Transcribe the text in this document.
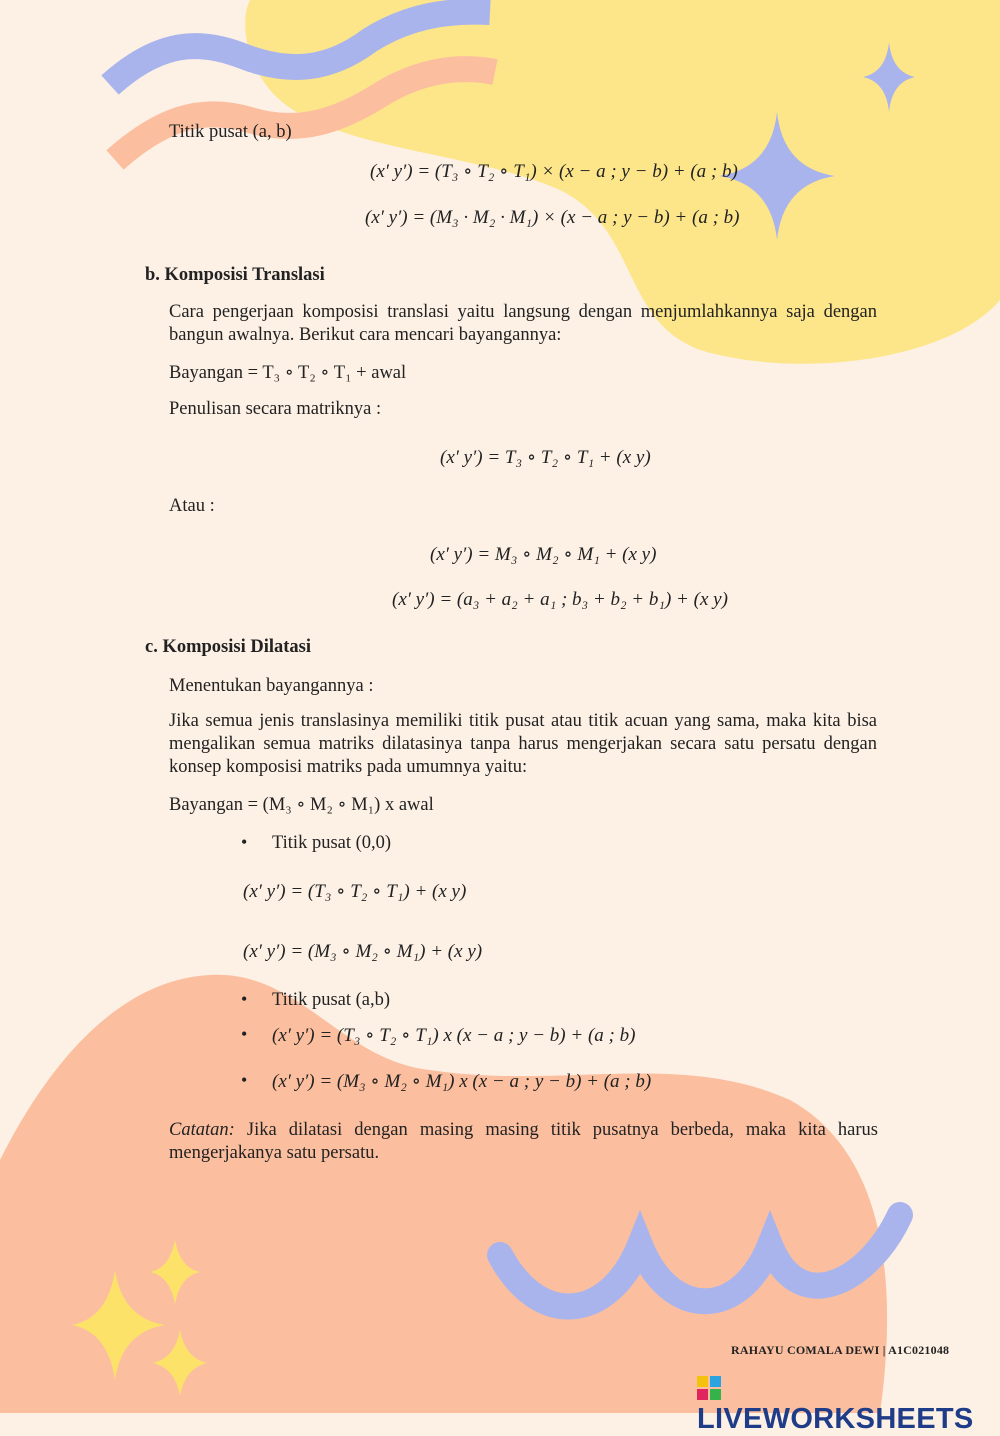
Titik pusat (a, b)
(x′ y′) = (T₃ ∘ T₂ ∘ T₁) × (x − a ; y − b) + (a ; b)
(x′ y′) = (M₃ · M₂ · M₁) × (x − a ; y − b) + (a ; b)
b. Komposisi Translasi
Cara pengerjaan komposisi translasi yaitu langsung dengan menjumlahkannya saja dengan bangun awalnya. Berikut cara mencari bayangannya:
Bayangan = T₃ ∘ T₂ ∘ T₁ + awal
Penulisan secara matriknya :
(x′ y′) = T₃ ∘ T₂ ∘ T₁ + (x y)
Atau :
(x′ y′) = M₃ ∘ M₂ ∘ M₁ + (x y)
(x′ y′) = (a₃ + a₂ + a₁ ; b₃ + b₂ + b₁) + (x y)
c. Komposisi Dilatasi
Menentukan bayangannya :
Jika semua jenis translasinya memiliki titik pusat atau titik acuan yang sama, maka kita bisa mengalikan semua matriks dilatasinya tanpa harus mengerjakan secara satu persatu dengan konsep komposisi matriks pada umumnya yaitu:
Bayangan = (M₃ ∘ M₂ ∘ M₁) x awal
• Titik pusat (0,0)
(x′ y′) = (T₃ ∘ T₂ ∘ T₁) + (x y)
(x′ y′) = (M₃ ∘ M₂ ∘ M₁) + (x y)
• Titik pusat (a,b)
• (x′ y′) = (T₃ ∘ T₂ ∘ T₁) x (x − a ; y − b) + (a ; b)
• (x′ y′) = (M₃ ∘ M₂ ∘ M₁) x (x − a ; y − b) + (a ; b)
Catatan: Jika dilatasi dengan masing masing titik pusatnya berbeda, maka kita harus mengerjakanya satu persatu.
RAHAYU COMALA DEWI | A1C021048
LIVEWORKSHEETS
